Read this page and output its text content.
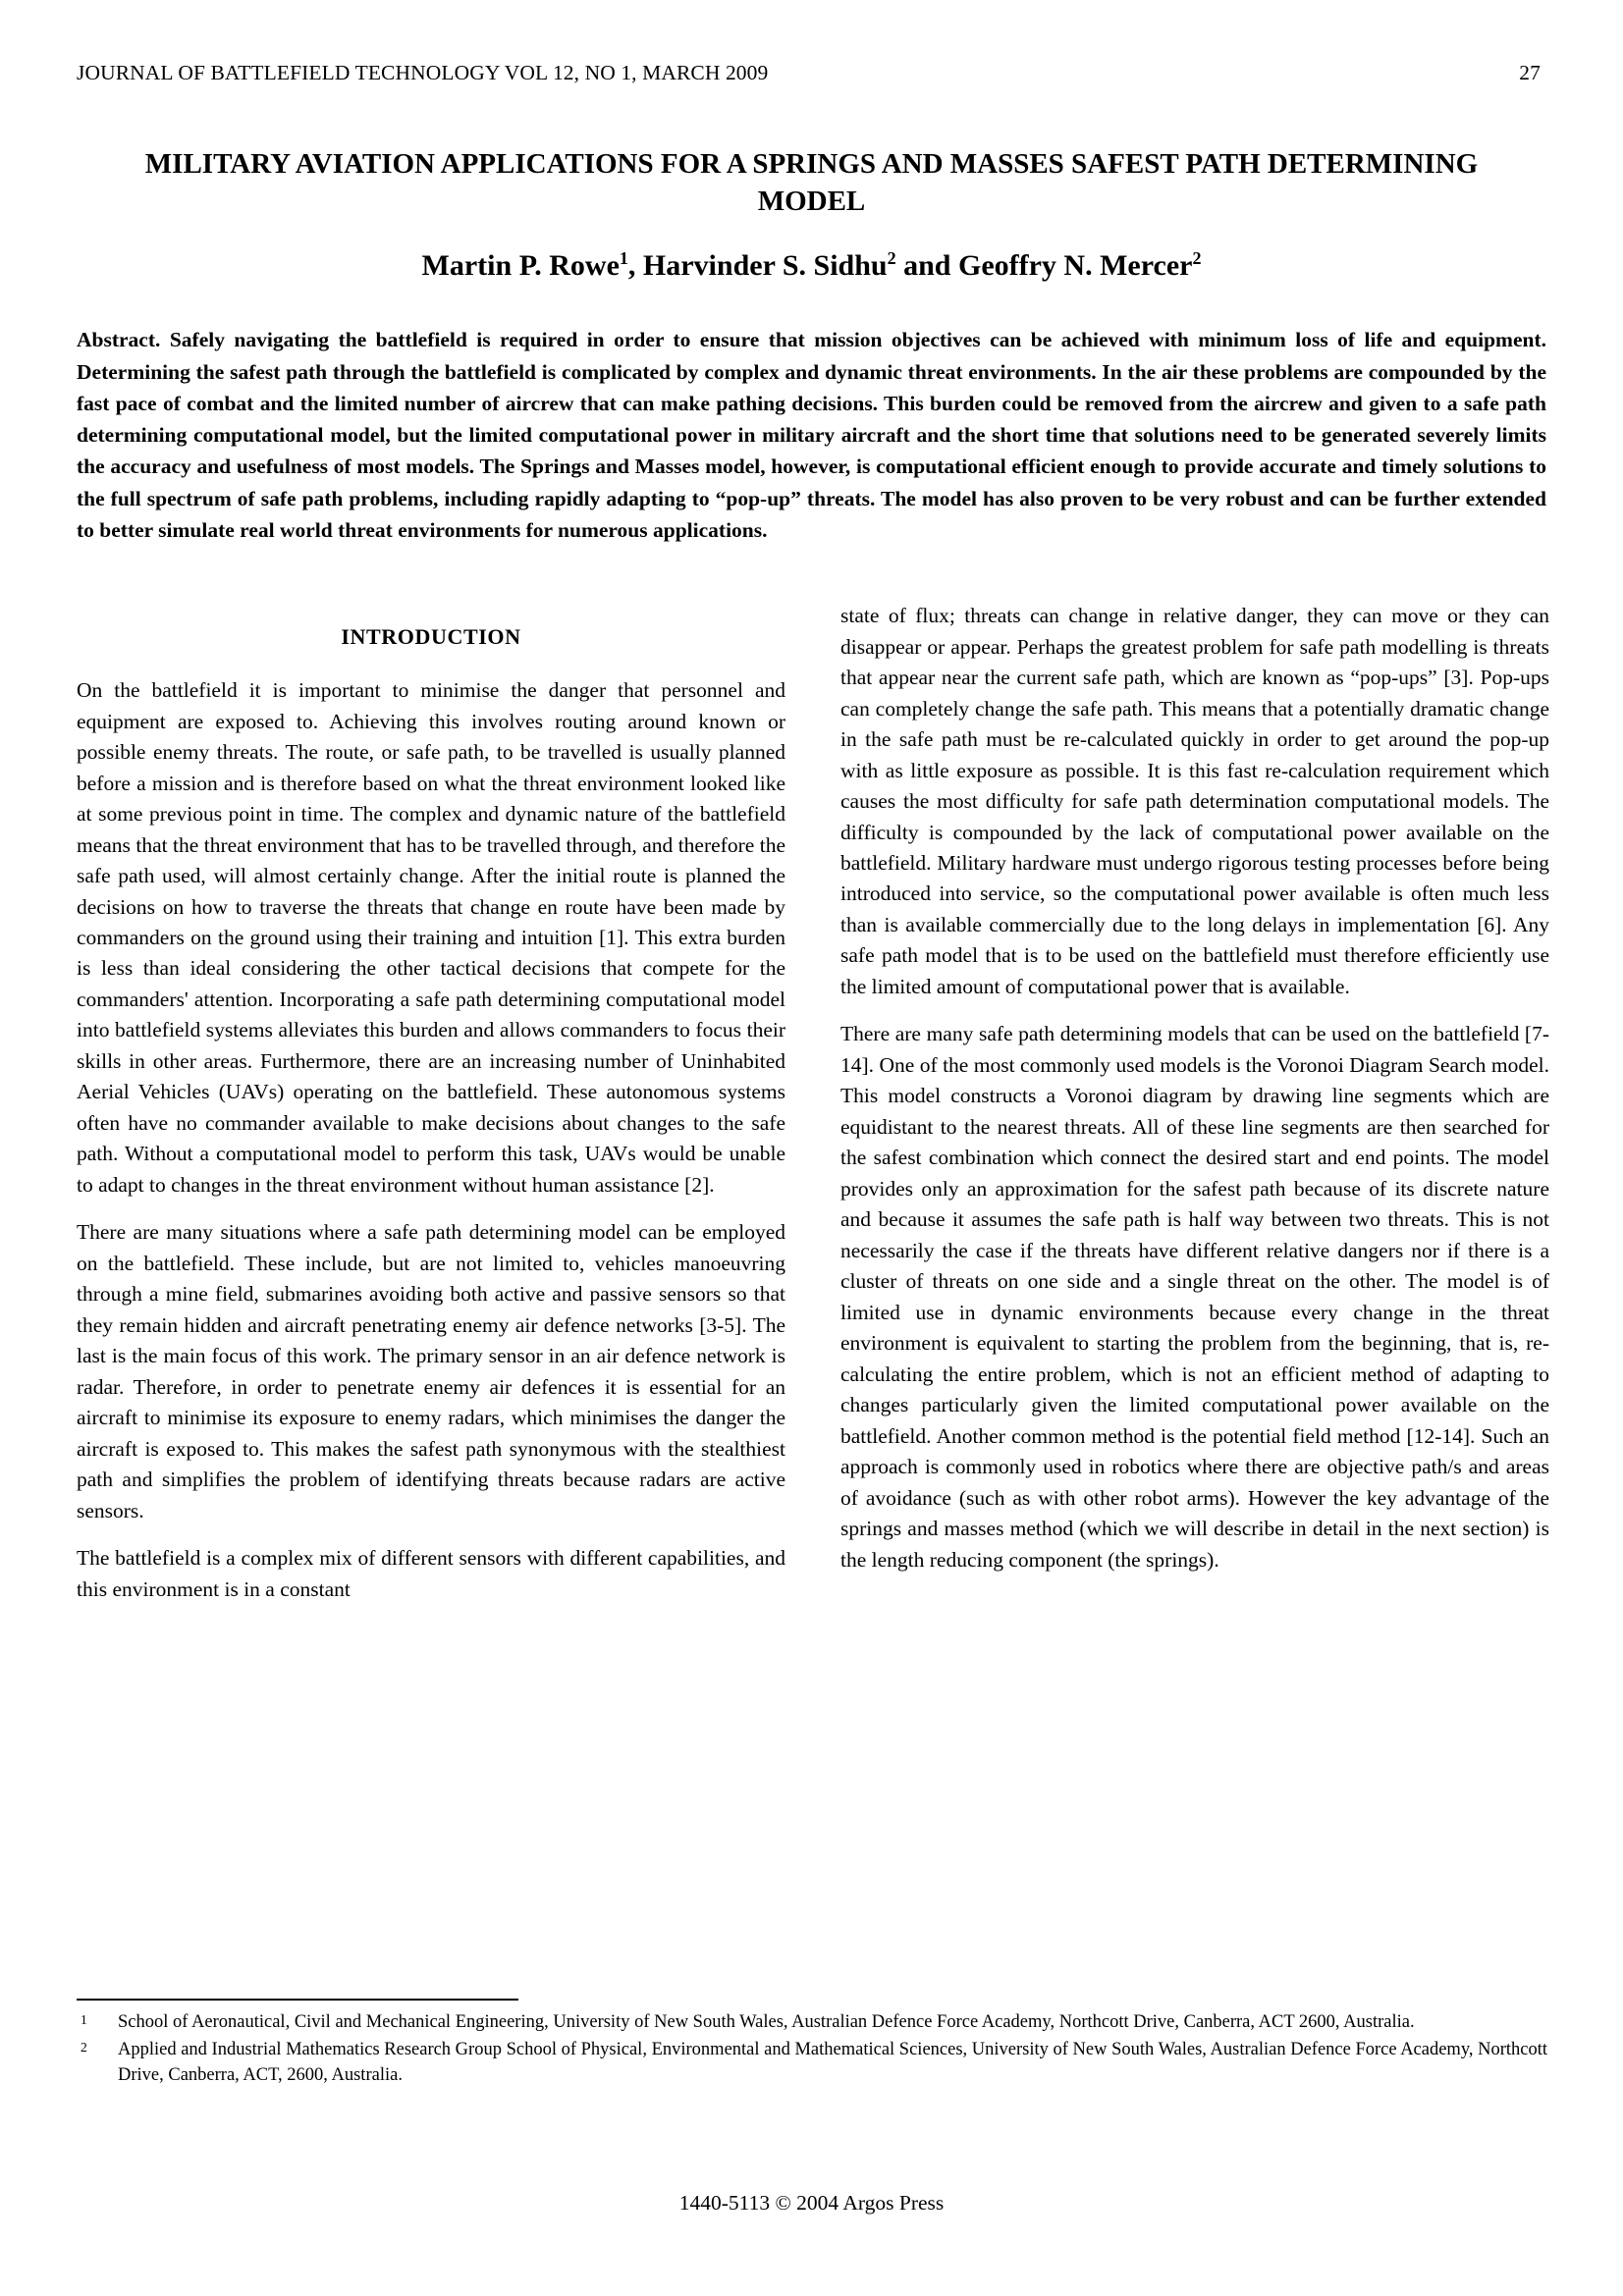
JOURNAL OF BATTLEFIELD TECHNOLOGY VOL 12, NO 1, MARCH 2009	27
MILITARY AVIATION APPLICATIONS FOR A SPRINGS AND MASSES SAFEST PATH DETERMINING MODEL
Martin P. Rowe$^1$, Harvinder S. Sidhu$^2$ and Geoffry N. Mercer$^2$
Abstract. Safely navigating the battlefield is required in order to ensure that mission objectives can be achieved with minimum loss of life and equipment. Determining the safest path through the battlefield is complicated by complex and dynamic threat environments. In the air these problems are compounded by the fast pace of combat and the limited number of aircrew that can make pathing decisions. This burden could be removed from the aircrew and given to a safe path determining computational model, but the limited computational power in military aircraft and the short time that solutions need to be generated severely limits the accuracy and usefulness of most models. The Springs and Masses model, however, is computational efficient enough to provide accurate and timely solutions to the full spectrum of safe path problems, including rapidly adapting to “pop-up” threats. The model has also proven to be very robust and can be further extended to better simulate real world threat environments for numerous applications.
INTRODUCTION

On the battlefield it is important to minimise the danger that personnel and equipment are exposed to. Achieving this involves routing around known or possible enemy threats. The route, or safe path, to be travelled is usually planned before a mission and is therefore based on what the threat environment looked like at some previous point in time. The complex and dynamic nature of the battlefield means that the threat environment that has to be travelled through, and therefore the safe path used, will almost certainly change. After the initial route is planned the decisions on how to traverse the threats that change en route have been made by commanders on the ground using their training and intuition [1]. This extra burden is less than ideal considering the other tactical decisions that compete for the commanders' attention. Incorporating a safe path determining computational model into battlefield systems alleviates this burden and allows commanders to focus their skills in other areas. Furthermore, there are an increasing number of Uninhabited Aerial Vehicles (UAVs) operating on the battlefield. These autonomous systems often have no commander available to make decisions about changes to the safe path. Without a computational model to perform this task, UAVs would be unable to adapt to changes in the threat environment without human assistance [2].

There are many situations where a safe path determining model can be employed on the battlefield. These include, but are not limited to, vehicles manoeuvring through a mine field, submarines avoiding both active and passive sensors so that they remain hidden and aircraft penetrating enemy air defence networks [3-5]. The last is the main focus of this work. The primary sensor in an air defence network is radar. Therefore, in order to penetrate enemy air defences it is essential for an aircraft to minimise its exposure to enemy radars, which minimises the danger the aircraft is exposed to. This makes the safest path synonymous with the stealthiest path and simplifies the problem of identifying threats because radars are active sensors.

The battlefield is a complex mix of different sensors with different capabilities, and this environment is in a constant

state of flux; threats can change in relative danger, they can move or they can disappear or appear. Perhaps the greatest problem for safe path modelling is threats that appear near the current safe path, which are known as “pop-ups” [3]. Pop-ups can completely change the safe path. This means that a potentially dramatic change in the safe path must be re-calculated quickly in order to get around the pop-up with as little exposure as possible. It is this fast re-calculation requirement which causes the most difficulty for safe path determination computational models. The difficulty is compounded by the lack of computational power available on the battlefield. Military hardware must undergo rigorous testing processes before being introduced into service, so the computational power available is often much less than is available commercially due to the long delays in implementation [6]. Any safe path model that is to be used on the battlefield must therefore efficiently use the limited amount of computational power that is available.

There are many safe path determining models that can be used on the battlefield [7-14]. One of the most commonly used models is the Voronoi Diagram Search model. This model constructs a Voronoi diagram by drawing line segments which are equidistant to the nearest threats. All of these line segments are then searched for the safest combination which connect the desired start and end points. The model provides only an approximation for the safest path because of its discrete nature and because it assumes the safe path is half way between two threats. This is not necessarily the case if the threats have different relative dangers nor if there is a cluster of threats on one side and a single threat on the other. The model is of limited use in dynamic environments because every change in the threat environment is equivalent to starting the problem from the beginning, that is, re-calculating the entire problem, which is not an efficient method of adapting to changes particularly given the limited computational power available on the battlefield. Another common method is the potential field method [12-14]. Such an approach is commonly used in robotics where there are objective path/s and areas of avoidance (such as with other robot arms). However the key advantage of the springs and masses method (which we will describe in detail in the next section) is the length reducing component (the springs).

1	School of Aeronautical, Civil and Mechanical Engineering, University of New South Wales, Australian Defence Force Academy, Northcott Drive, Canberra, ACT 2600, Australia.
2	Applied and Industrial Mathematics Research Group School of Physical, Environmental and Mathematical Sciences, University of New South Wales, Australian Defence Force Academy, Northcott Drive, Canberra, ACT, 2600, Australia.
1440-5113 © 2004 Argos Press
